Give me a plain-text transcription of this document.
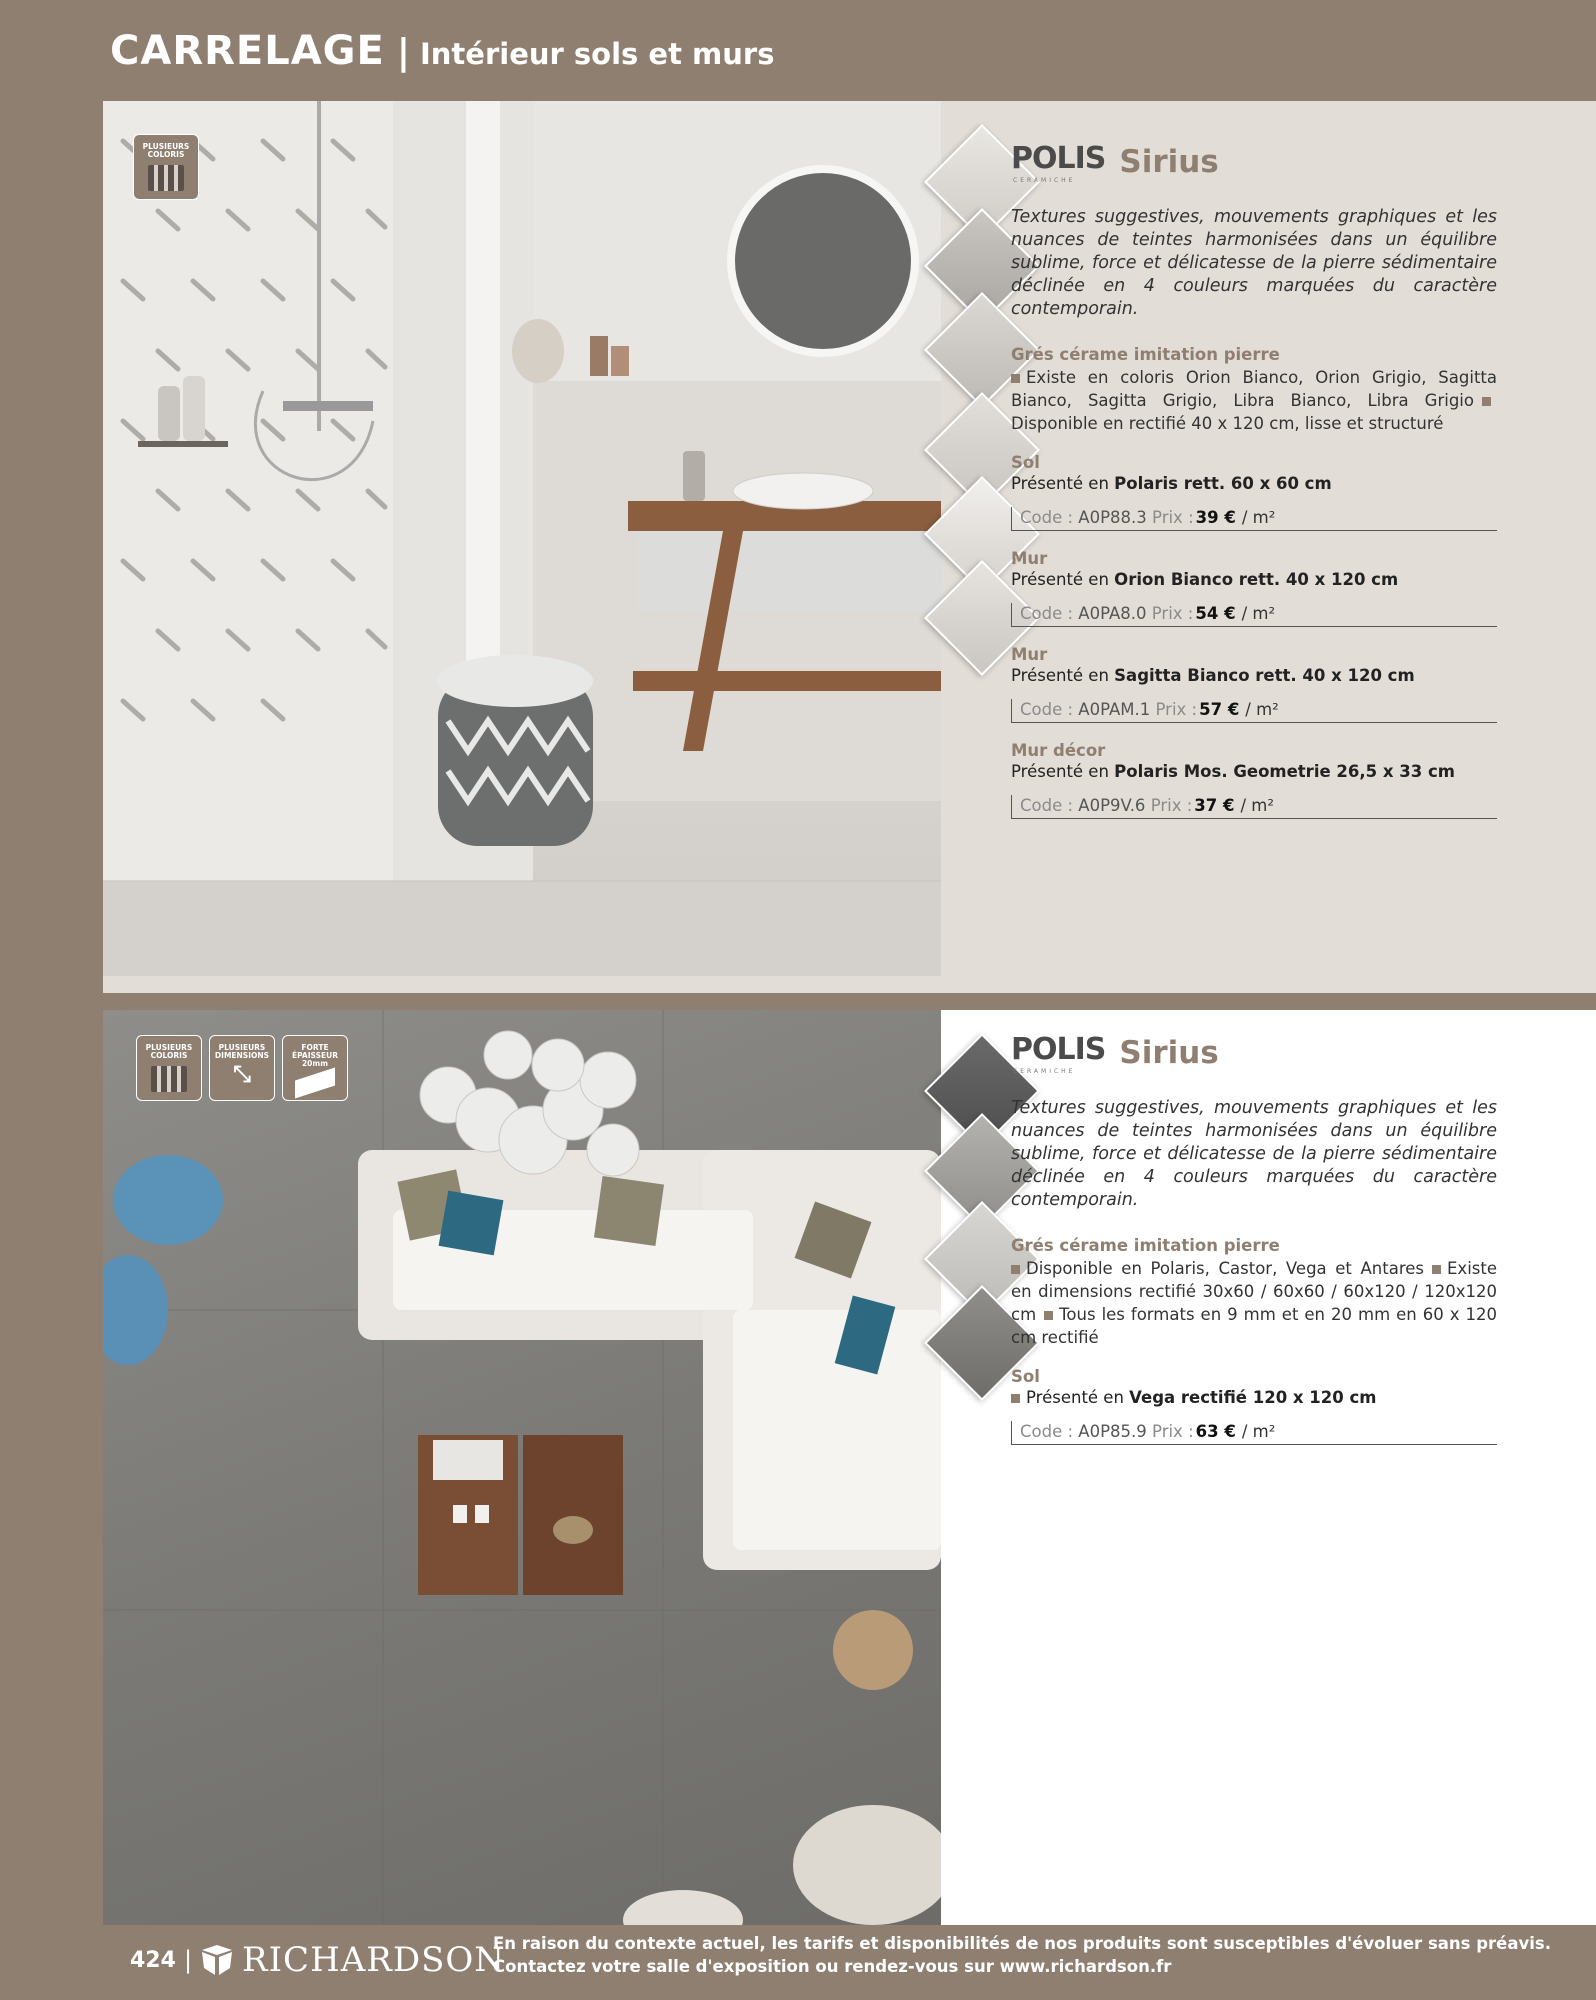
CARRELAGE | Intérieur sols et murs
PLUSIEURS
COLORIS	POLIS
CERAMICHE
Sirius

Textures suggestives, mouvements graphiques et les nuances de teintes harmonisées dans un équilibre sublime, force et délicatesse de la pierre sédimentaire déclinée en 4 couleurs marquées du caractère contemporain.

Grés cérame imitation pierre
Existe en coloris Orion Bianco, Orion Grigio, Sagitta Bianco, Sagitta Grigio, Libra Bianco, Libra GrigioDisponible en rectifié 40 x 120 cm, lisse et structuré
Sol
Présenté en Polaris rett. 60 x 60 cm
Code :
A0P88.3
Prix : 39 € / m²
Mur
Présenté en Orion Bianco rett. 40 x 120 cm
Code :
A0PA8.0
Prix : 54 € / m²
Mur
Présenté en Sagitta Bianco rett. 40 x 120 cm
Code :
A0PAM.1
Prix : 57 € / m²
Mur décor
Présenté en Polaris Mos. Geometrie 26,5 x 33 cm
Code :
A0P9V.6
Prix : 37 € / m²
PLUSIEURS
COLORIS
PLUSIEURS
DIMENSIONS
⤡
FORTE
ÉPAISSEUR
20mm	POLIS
CERAMICHE
Sirius

Textures suggestives, mouvements graphiques et les nuances de teintes harmonisées dans un équilibre sublime, force et délicatesse de la pierre sédimentaire déclinée en 4 couleurs marquées du caractère contemporain.

Grés cérame imitation pierre
Disponible en Polaris, Castor, Vega et Antares Existe en dimensions rectifié 30x60 / 60x60 / 60x120 / 120x120 cm Tous les formats en 9 mm et en 20 mm en 60 x 120 cm rectifié
Sol
Présenté en Vega rectifié 120 x 120 cm
Code :
A0P85.9
Prix : 63 € / m²
424 | RICHARDSON
En raison du contexte actuel, les tarifs et disponibilités de nos produits sont susceptibles d'évoluer sans préavis.
Contactez votre salle d'exposition ou rendez-vous sur www.richardson.fr
